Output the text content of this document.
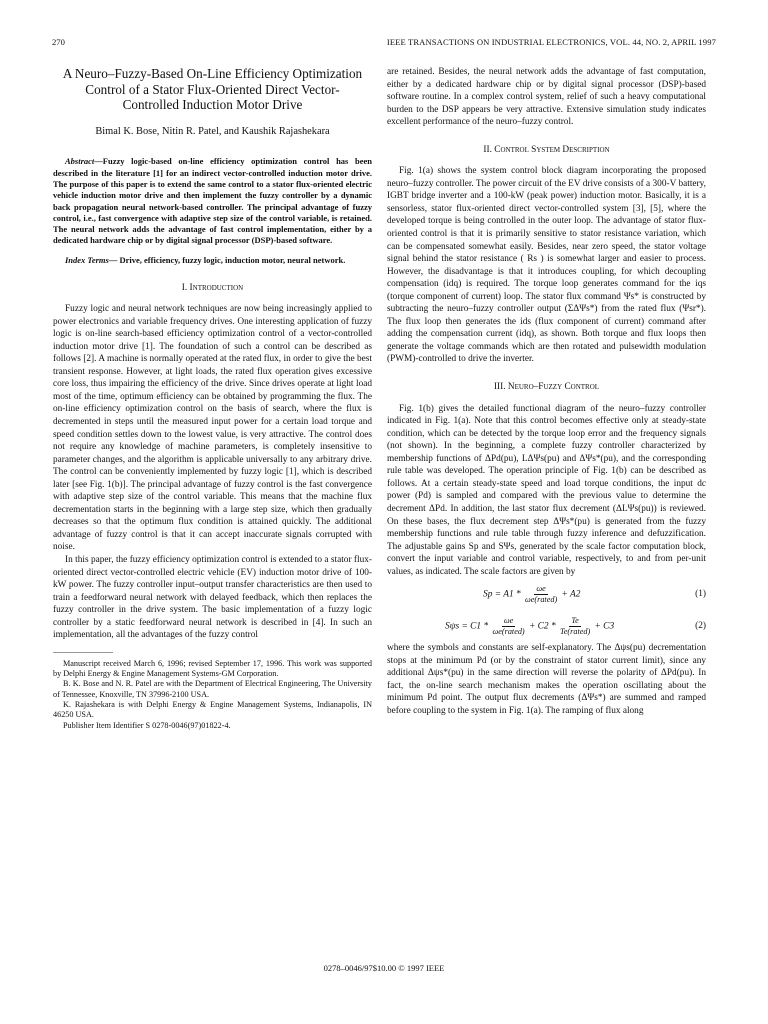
270	IEEE TRANSACTIONS ON INDUSTRIAL ELECTRONICS, VOL. 44, NO. 2, APRIL 1997
A Neuro–Fuzzy-Based On-Line Efficiency Optimization Control of a Stator Flux-Oriented Direct Vector-Controlled Induction Motor Drive
Bimal K. Bose, Nitin R. Patel, and Kaushik Rajashekara

Abstract—Fuzzy logic-based on-line efficiency optimization control has been described in the literature [1] for an indirect vector-controlled induction motor drive. The purpose of this paper is to extend the same control to a stator flux-oriented electric vehicle induction motor drive and then implement the fuzzy controller by a dynamic back propagation neural network-based controller. The principal advantage of fuzzy control, i.e., fast convergence with adaptive step size of the control variable, is retained. The neural network adds the advantage of fast control implementation, either by a dedicated hardware chip or by digital signal processor (DSP)-based software.

Index Terms— Drive, efficiency, fuzzy logic, induction motor, neural network.

I. Introduction

Fuzzy logic and neural network techniques are now being increasingly applied to power electronics and variable frequency drives. One interesting application of fuzzy logic is on-line search-based efficiency optimization control of a vector-controlled induction motor drive [1]. The foundation of such a control can be described as follows [2]. A machine is normally operated at the rated flux, in order to give the best transient response. However, at light loads, the rated flux operation gives excessive core loss, thus impairing the efficiency of the drive. Since drives operate at light load most of the time, optimum efficiency can be obtained by programming the flux. The on-line efficiency optimization control on the basis of search, where the flux is decremented in steps until the measured input power for a certain load torque and speed condition settles down to the lowest value, is very attractive. The control does not require any knowledge of machine parameters, is completely insensitive to parameter changes, and the algorithm is applicable universally to any arbitrary drive. The control can be conveniently implemented by fuzzy logic [1], which is described later [see Fig. 1(b)]. The principal advantage of fuzzy control is the fast convergence with adaptive step size of the control variable. This means that the machine flux decrementation starts in the beginning with a large step size, which then gradually decreases so that the optimum flux condition is attained quickly. The additional advantage of fuzzy control is that it can accept inaccurate signals corrupted with noise.

In this paper, the fuzzy efficiency optimization control is extended to a stator flux-oriented direct vector-controlled electric vehicle (EV) induction motor drive of 100-kW power. The fuzzy controller input–output transfer characteristics are then used to train a feedforward neural network with delayed feedback, which then replaces the fuzzy controller in the drive system. The basic implementation of a fuzzy logic controller by a static feedforward neural network is described in [4]. In such an implementation, all the advantages of the fuzzy control

Manuscript received March 6, 1996; revised September 17, 1996. This work was supported by Delphi Energy & Engine Management Systems-GM Corporation.

B. K. Bose and N. R. Patel are with the Department of Electrical Engineering, The University of Tennessee, Knoxville, TN 37996-2100 USA.

K. Rajashekara is with Delphi Energy & Engine Management Systems, Indianapolis, IN 46250 USA.

Publisher Item Identifier S 0278-0046(97)01822-4.

are retained. Besides, the neural network adds the advantage of fast computation, either by a dedicated hardware chip or by digital signal processor (DSP)-based software routine. In a complex control system, relief of such a heavy computational burden to the DSP appears be very attractive. Extensive simulation study indicates excellent performance of the neuro–fuzzy control.

II. Control System Description

Fig. 1(a) shows the system control block diagram incorporating the proposed neuro–fuzzy controller. The power circuit of the EV drive consists of a 300-V battery, IGBT bridge inverter and a 100-kW (peak power) induction motor. Basically, it is a sensorless, stator flux-oriented direct vector-controlled system [3], [5], where the developed torque is being controlled in the outer loop. The advantage of stator flux-oriented control is that it is primarily sensitive to stator resistance variation, which can be compensated somewhat easily. Besides, near zero speed, the stator voltage signal behind the stator resistance ( Rs ) is somewhat larger and easier to process. However, the disadvantage is that it introduces coupling, for which decoupling compensation (idq) is required. The torque loop generates command for the iqs (torque component of current) loop. The stator flux command Ψs* is constructed by subtracting the neuro–fuzzy controller output (ΣΔΨs*) from the rated flux (Ψsr*). The flux loop then generates the ids (flux component of current) command after adding the compensation current (idq), as shown. Both torque and flux loops then generate the voltage commands which are then rotated and pulsewidth modulation (PWM)-controlled to drive the inverter.

III. Neuro–Fuzzy Control

Fig. 1(b) gives the detailed functional diagram of the neuro–fuzzy controller indicated in Fig. 1(a). Note that this control becomes effective only at steady-state condition, which can be detected by the torque loop error and the frequency signals (not shown). In the beginning, a complete fuzzy controller characterized by membership functions of ΔPd(pu), LΔΨs(pu) and ΔΨs*(pu), and the corresponding rule table was developed. The operation principle of Fig. 1(b) can be described as follows. At a certain steady-state speed and load torque conditions, the input dc power (Pd) is sampled and compared with the previous value to determine the decrement ΔPd. In addition, the last stator flux decrement (ΔLΨs(pu)) is reviewed. On these bases, the flux decrement step ΔΨs*(pu) is generated from the fuzzy membership functions and rule table through fuzzy inference and defuzzification. The adjustable gains Sp and SΨs, generated by the scale factor computation block, convert the input variable and control variable, respectively, to and from per-unit values, as indicated. The scale factors are given by

$Sp = A1 * \frac{\omega e}{\text{ωe(rated)}} + A2$	(1)
$S\psi s = C1 * \frac{\omega e}{\text{ωe(rated)}} + C2 * \frac{Te}{\text{Te(rated)}} + C3$	(2)

where the symbols and constants are self-explanatory. The Δψs(pu) decrementation stops at the minimum Pd (or by the constraint of stator current limit), since any additional Δψs*(pu) in the same direction will reverse the polarity of ΔPd(pu). In fact, the on-line search mechanism makes the operation oscillating about the minimum Pd point. The output flux decrements (ΔΨs*) are summed and ramped before coupling to the system in Fig. 1(a). The ramping of flux along

0278–0046/97$10.00 © 1997 IEEE
